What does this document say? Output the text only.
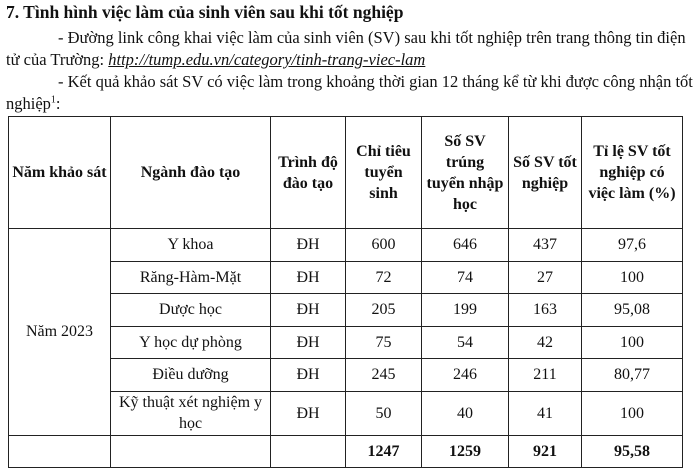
7. Tình hình việc làm của sinh viên sau khi tốt nghiệp
- Đường link công khai việc làm của sinh viên (SV) sau khi tốt nghiệp trên trang thông tin điện tử của Trường: http://tump.edu.vn/category/tinh-trang-viec-lam
- Kết quả khảo sát SV có việc làm trong khoảng thời gian 12 tháng kể từ khi được công nhận tốt nghiệp$^1$:
Năm khảo sát	Ngành đào tạo	Trình độ đào tạo	Chỉ tiêu tuyển sinh	Số SV trúng tuyển nhập học	Số SV tốt nghiệp	Tỉ lệ SV tốt nghiệp có việc làm (%)
Năm 2023	Y khoa	ĐH	600	646	437	97,6
	Răng-Hàm-Mặt	ĐH	72	74	27	100
	Dược học	ĐH	205	199	163	95,08
	Y học dự phòng	ĐH	75	54	42	100
	Điều dưỡng	ĐH	245	246	211	80,77
	Kỹ thuật xét nghiệm y học	ĐH	50	40	41	100
			1247	1259	921	95,58
